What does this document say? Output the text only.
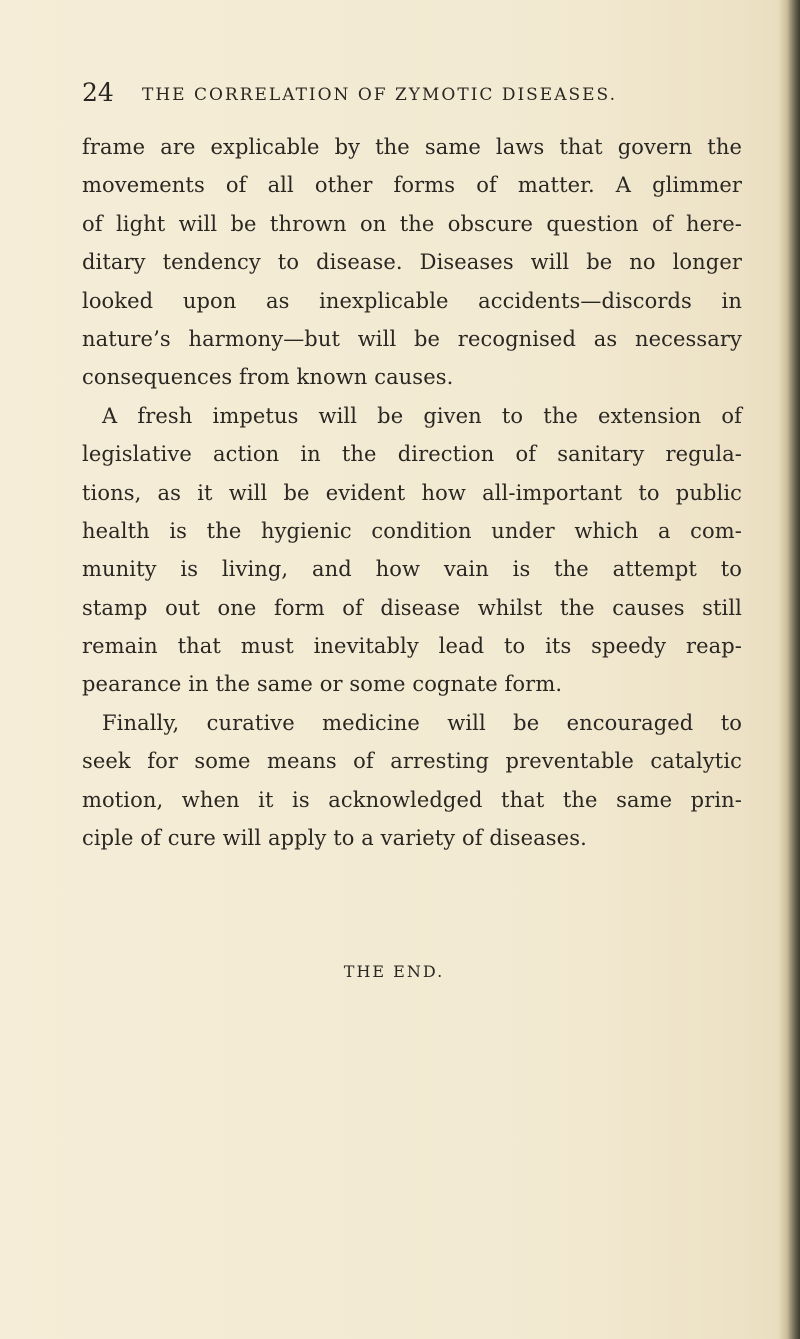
24 THE CORRELATION OF ZYMOTIC DISEASES.
frame are explicable by the same laws that govern the
movements of all other forms of matter. A glimmer
of light will be thrown on the obscure question of here-
ditary tendency to disease. Diseases will be no longer
looked upon as inexplicable accidents—discords in
nature’s harmony—but will be recognised as necessary
consequences from known causes.
A fresh impetus will be given to the extension of
legislative action in the direction of sanitary regula-
tions, as it will be evident how all-important to public
health is the hygienic condition under which a com-
munity is living, and how vain is the attempt to
stamp out one form of disease whilst the causes still
remain that must inevitably lead to its speedy reap-
pearance in the same or some cognate form.
Finally, curative medicine will be encouraged to
seek for some means of arresting preventable catalytic
motion, when it is acknowledged that the same prin-
ciple of cure will apply to a variety of diseases.
THE END.
